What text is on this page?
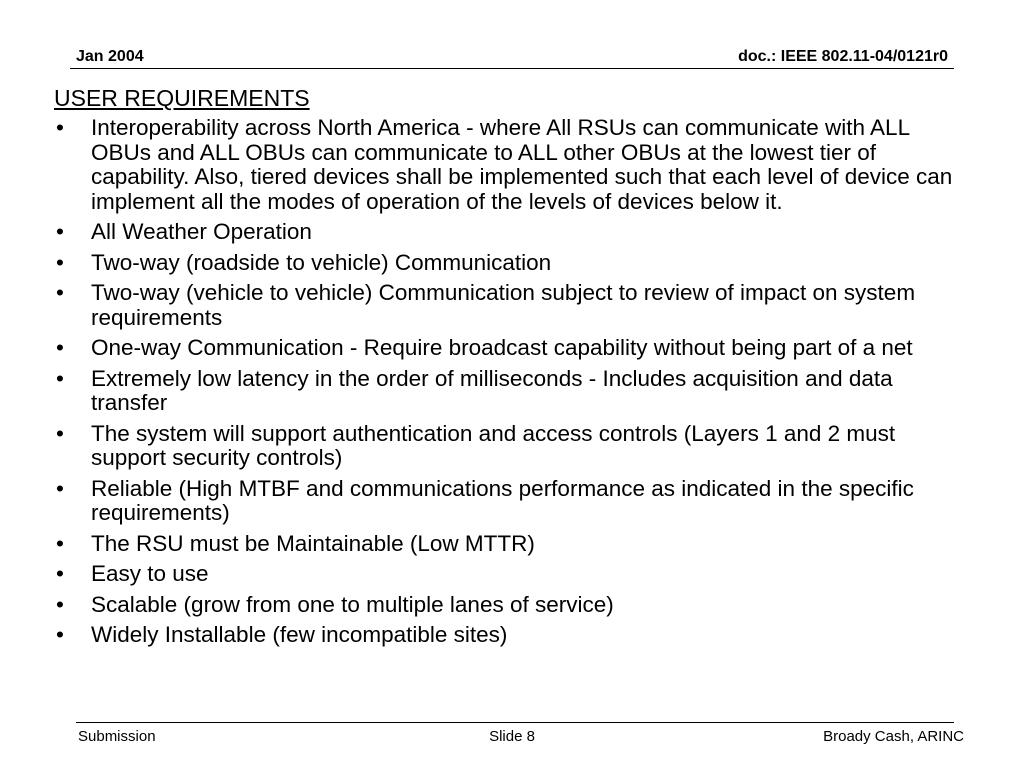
Jan 2004	doc.: IEEE 802.11-04/0121r0
USER REQUIREMENTS
• Interoperability across North America - where All RSUs can communicate with ALL OBUs and ALL OBUs can communicate to ALL other OBUs at the lowest tier of capability. Also, tiered devices shall be implemented such that each level of device can implement all the modes of operation of the levels of devices below it.
• All Weather Operation
• Two-way (roadside to vehicle) Communication
• Two-way (vehicle to vehicle) Communication subject to review of impact on system requirements
• One-way Communication - Require broadcast capability without being part of a net
• Extremely low latency in the order of milliseconds - Includes acquisition and data transfer
• The system will support authentication and access controls (Layers 1 and 2 must support security controls)
• Reliable (High MTBF and communications performance as indicated in the specific requirements)
• The RSU must be Maintainable (Low MTTR)
• Easy to use
• Scalable (grow from one to multiple lanes of service)
• Widely Installable (few incompatible sites)
Submission	Slide 8	Broady Cash, ARINC
